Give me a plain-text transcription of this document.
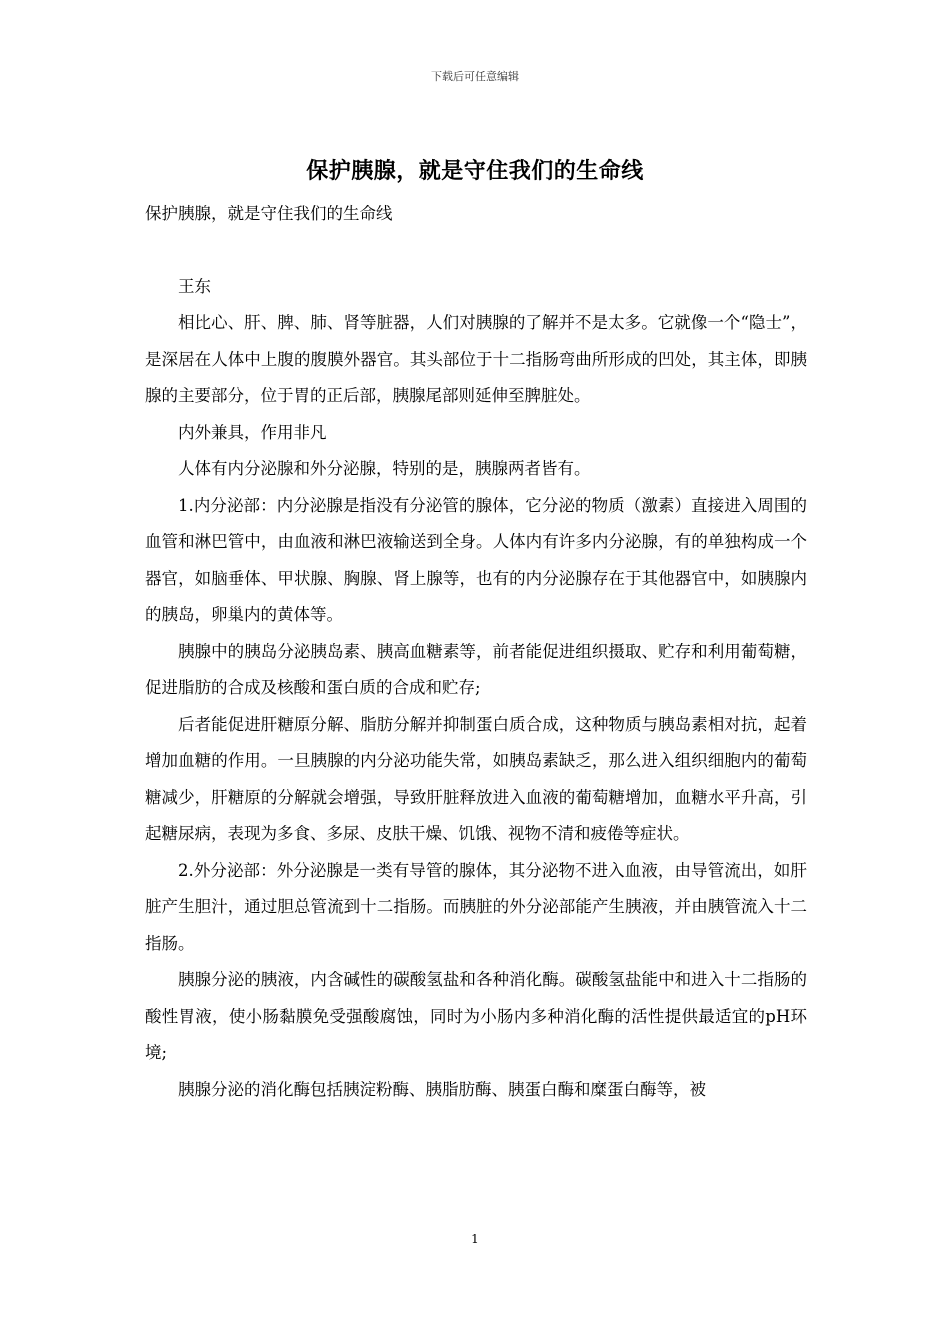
下载后可任意编辑
保护胰腺，就是守住我们的生命线

保护胰腺，就是守住我们的生命线

王东

相比心、肝、脾、肺、肾等脏器，人们对胰腺的了解并不是太多。它就像一个“隐士”，是深居在人体中上腹的腹膜外器官。其头部位于十二指肠弯曲所形成的凹处，其主体，即胰腺的主要部分，位于胃的正后部，胰腺尾部则延伸至脾脏处。

内外兼具，作用非凡

人体有内分泌腺和外分泌腺，特别的是，胰腺两者皆有。

1.内分泌部：内分泌腺是指没有分泌管的腺体，它分泌的物质（激素）直接进入周围的血管和淋巴管中，由血液和淋巴液输送到全身。人体内有许多内分泌腺，有的单独构成一个器官，如脑垂体、甲状腺、胸腺、肾上腺等，也有的内分泌腺存在于其他器官中，如胰腺内的胰岛，卵巢内的黄体等。

胰腺中的胰岛分泌胰岛素、胰高血糖素等，前者能促进组织摄取、贮存和利用葡萄糖，促进脂肪的合成及核酸和蛋白质的合成和贮存;

后者能促进肝糖原分解、脂肪分解并抑制蛋白质合成，这种物质与胰岛素相对抗，起着增加血糖的作用。一旦胰腺的内分泌功能失常，如胰岛素缺乏，那么进入组织细胞内的葡萄糖减少，肝糖原的分解就会增强，导致肝脏释放进入血液的葡萄糖增加，血糖水平升高，引起糖尿病，表现为多食、多尿、皮肤干燥、饥饿、视物不清和疲倦等症状。

2.外分泌部：外分泌腺是一类有导管的腺体，其分泌物不进入血液，由导管流出，如肝脏产生胆汁，通过胆总管流到十二指肠。而胰脏的外分泌部能产生胰液，并由胰管流入十二指肠。

胰腺分泌的胰液，内含碱性的碳酸氢盐和各种消化酶。碳酸氢盐能中和进入十二指肠的酸性胃液，使小肠黏膜免受强酸腐蚀，同时为小肠内多种消化酶的活性提供最适宜的pH环境;

胰腺分泌的消化酶包括胰淀粉酶、胰脂肪酶、胰蛋白酶和糜蛋白酶等，被

1
